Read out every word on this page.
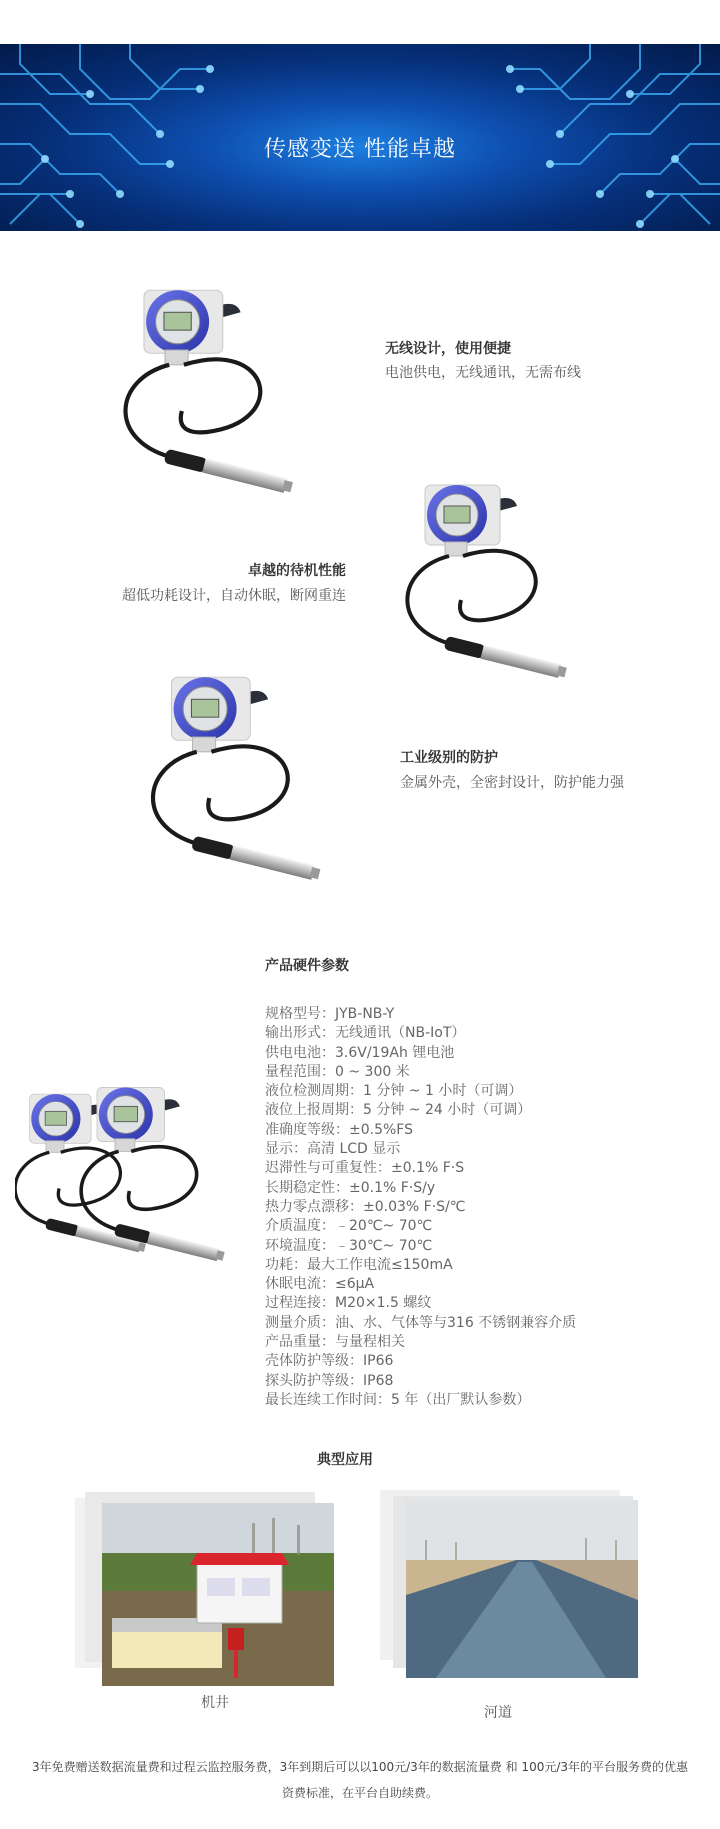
传感变送 性能卓越
无线设计，使用便捷
电池供电，无线通讯，无需布线
卓越的待机性能
超低功耗设计，自动休眠，断网重连
工业级别的防护
金属外壳，全密封设计，防护能力强
产品硬件参数
规格型号：JYB-NB-Y
输出形式：无线通讯（NB-IoT）
供电电池：3.6V/19Ah 锂电池
量程范围：0 ~ 300 米
液位检测周期：1 分钟 ~ 1 小时（可调）
液位上报周期：5 分钟 ~ 24 小时（可调）
准确度等级：±0.5%FS
显示：高清 LCD 显示
迟滞性与可重复性：±0.1% F·S
长期稳定性：±0.1% F·S/y
热力零点漂移：±0.03% F·S/℃
介质温度：﹣20℃~ 70℃
环境温度：﹣30℃~ 70℃
功耗：最大工作电流≤150mA
休眠电流：≤6μA
过程连接：M20×1.5 螺纹
测量介质：油、水、气体等与316 不锈钢兼容介质
产品重量：与量程相关
壳体防护等级：IP66
探头防护等级：IP68
最长连续工作时间：5 年（出厂默认参数）
典型应用
机井
河道
3年免费赠送数据流量费和过程云监控服务费，3年到期后可以以100元/3年的数据流量费 和 100元/3年的平台服务费的优惠资费标准，在平台自助续费。
